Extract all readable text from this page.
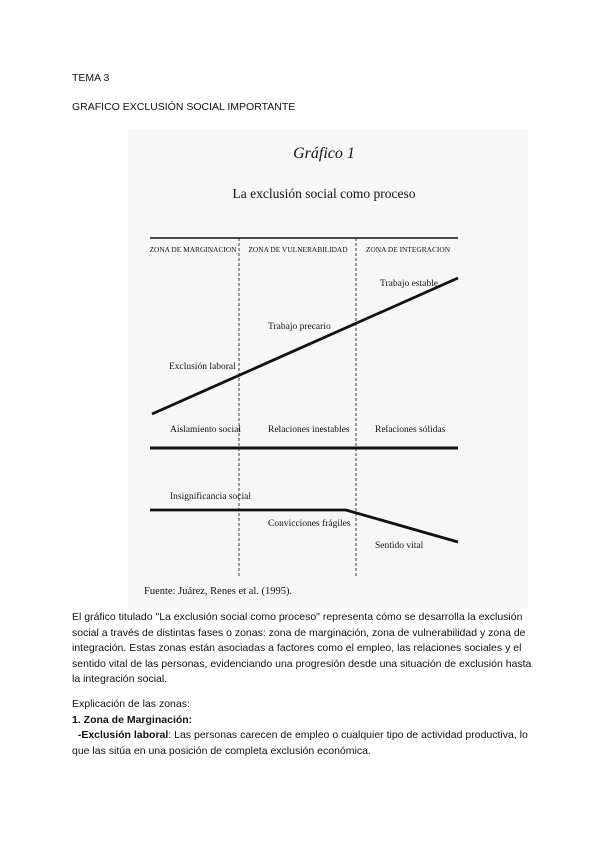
TEMA 3
GRAFICO EXCLUSIÓN SOCIAL IMPORTANTE
Gráfico 1
La exclusión social como proceso
ZONA DE MARGINACION ZONA DE VULNERABILIDAD ZONA DE INTEGRACION
Exclusión laboral
Trabajo precario
Trabajo estable
Aislamiento social	Relaciones inestables	Relaciones sólidas
Insignificancia social
Convicciones frágiles
Sentido vital
Fuente: Juárez, Renes et al. (1995).

El gráfico titulado "La exclusión social como proceso" representa cómo se desarrolla la exclusión social a través de distintas fases o zonas: zona de marginación, zona de vulnerabilidad y zona de integración. Estas zonas están asociadas a factores como el empleo, las relaciones sociales y el sentido vital de las personas, evidenciando una progresión desde una situación de exclusión hasta la integración social.

Explicación de las zonas:

1. Zona de Marginación:

-Exclusión laboral: Las personas carecen de empleo o cualquier tipo de actividad productiva, lo que las sitúa en una posición de completa exclusión económica.
